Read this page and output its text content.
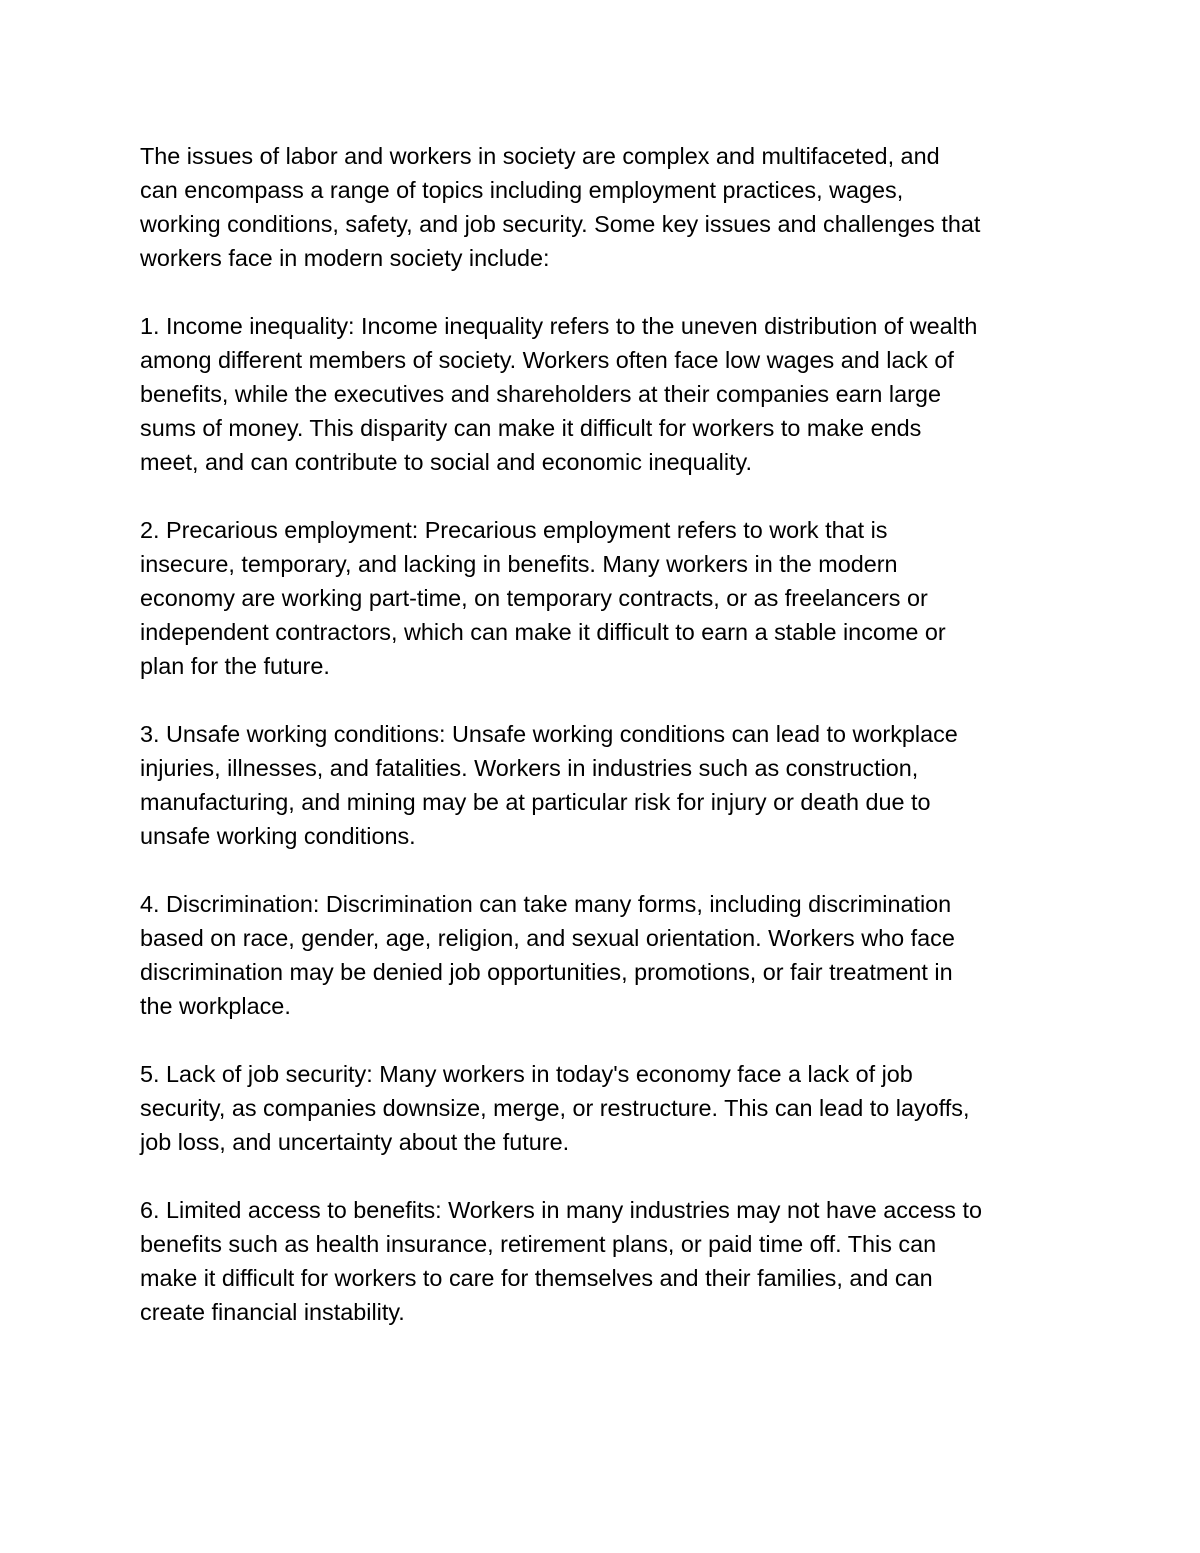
The issues of labor and workers in society are complex and multifaceted, and
can encompass a range of topics including employment practices, wages,
working conditions, safety, and job security. Some key issues and challenges that
workers face in modern society include:

1. Income inequality: Income inequality refers to the uneven distribution of wealth
among different members of society. Workers often face low wages and lack of
benefits, while the executives and shareholders at their companies earn large
sums of money. This disparity can make it difficult for workers to make ends
meet, and can contribute to social and economic inequality.

2. Precarious employment: Precarious employment refers to work that is
insecure, temporary, and lacking in benefits. Many workers in the modern
economy are working part-time, on temporary contracts, or as freelancers or
independent contractors, which can make it difficult to earn a stable income or
plan for the future.

3. Unsafe working conditions: Unsafe working conditions can lead to workplace
injuries, illnesses, and fatalities. Workers in industries such as construction,
manufacturing, and mining may be at particular risk for injury or death due to
unsafe working conditions.

4. Discrimination: Discrimination can take many forms, including discrimination
based on race, gender, age, religion, and sexual orientation. Workers who face
discrimination may be denied job opportunities, promotions, or fair treatment in
the workplace.

5. Lack of job security: Many workers in today's economy face a lack of job
security, as companies downsize, merge, or restructure. This can lead to layoffs,
job loss, and uncertainty about the future.

6. Limited access to benefits: Workers in many industries may not have access to
benefits such as health insurance, retirement plans, or paid time off. This can
make it difficult for workers to care for themselves and their families, and can
create financial instability.
